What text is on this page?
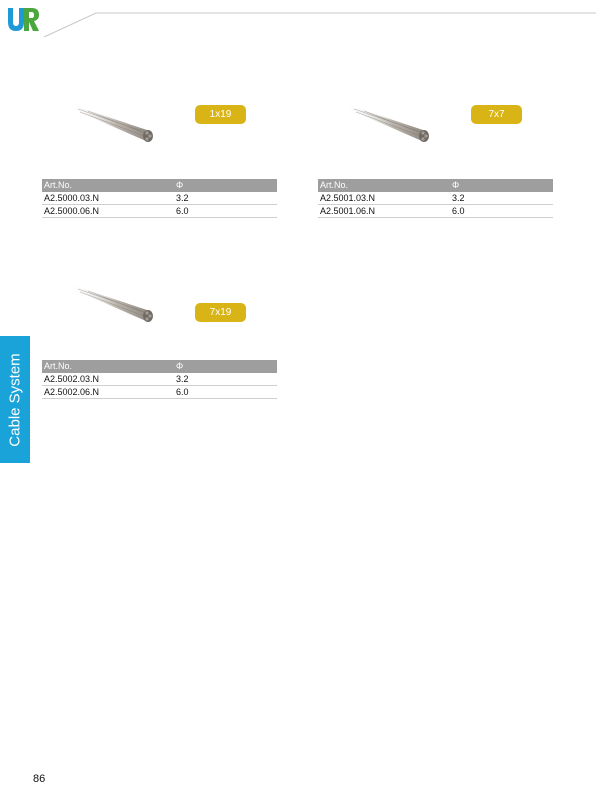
1x19
Art.No.	Φ
A2.5000.03.N	3.2
A2.5000.06.N	6.0
7x7
Art.No.	Φ
A2.5001.03.N	3.2
A2.5001.06.N	6.0
7x19
Art.No.	Φ
A2.5002.03.N	3.2
A2.5002.06.N	6.0
Cable System
86
